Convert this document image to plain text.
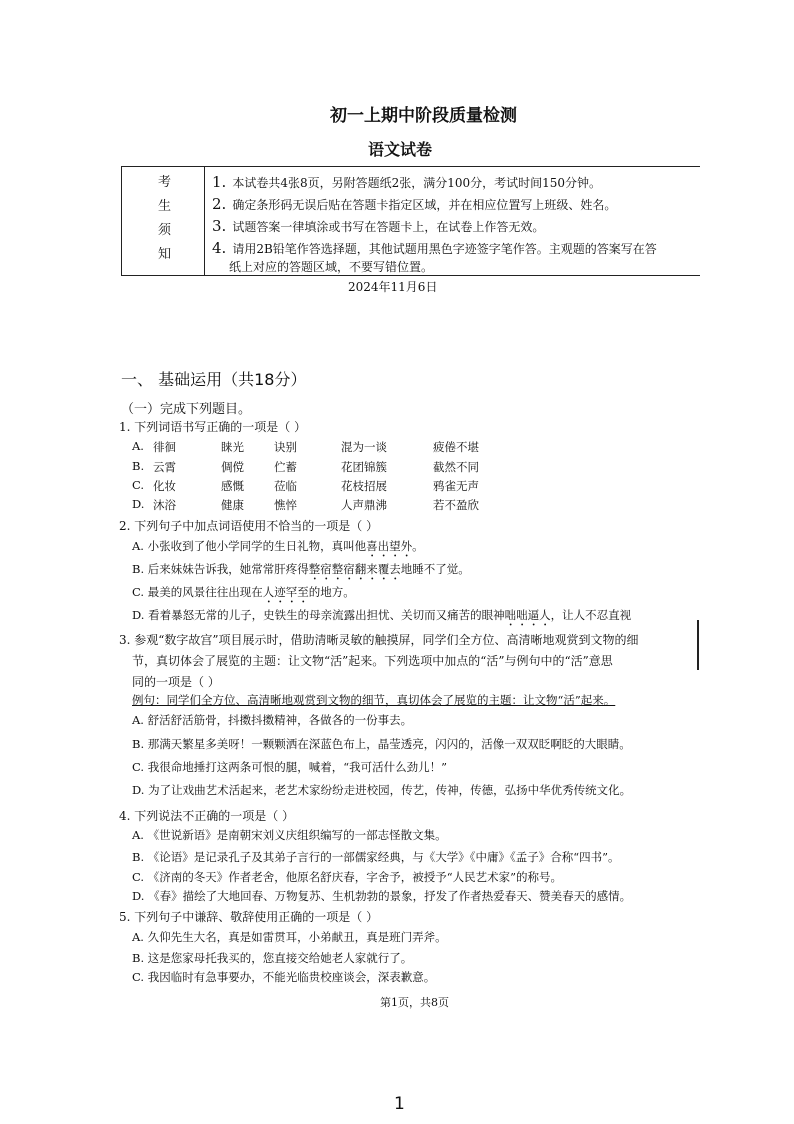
初一上期中阶段质量检测
语文试卷
考
生
须
知
1. 本试卷共4张8页，另附答题纸2张，满分100分，考试时间150分钟。
2. 确定条形码无误后贴在答题卡指定区域，并在相应位置写上班级、姓名。
3. 试题答案一律填涂或书写在答题卡上，在试卷上作答无效。
4. 请用2B铅笔作答选择题，其他试题用黑色字迹签字笔作答。主观题的答案写在答
纸上对应的答题区域，不要写错位置。
2024年11月6日
一、 基础运用（共18分）
（一）完成下列题目。
1. 下列词语书写正确的一项是（ ）
A. 徘徊	睐光	诀别	混为一谈	疲倦不堪
B. 云霄	倜傥	伫蓄	花团锦簇	截然不同
C. 化妆	感慨	莅临	花枝招展	鸦雀无声
D. 沐浴	健康	憔悴	人声鼎沸	若不盈欣
2. 下列句子中加点词语使用不恰当的一项是（ ）
A. 小张收到了他小学同学的生日礼物，真叫他喜出望外。
B. 后来妹妹告诉我，她常常肝疼得整宿整宿翻来覆去地睡不了觉。
C. 最美的风景往往出现在人迹罕至的地方。
D. 看着暴怒无常的儿子，史铁生的母亲流露出担忧、关切而又痛苦的眼神咄咄逼人，让人不忍直视
3. 参观“数字故宫”项目展示时，借助清晰灵敏的触摸屏，同学们全方位、高清晰地观赏到文物的细
节，真切体会了展览的主题：让文物“活”起来。下列选项中加点的“活”与例句中的“活”意思
同的一项是（ ）
例句：同学们全方位、高清晰地观赏到文物的细节，真切体会了展览的主题：让文物“活”起来。
A. 舒活舒活筋骨，抖擞抖擞精神，各做各的一份事去。
B. 那满天繁星多美呀！一颗颗洒在深蓝色布上，晶莹透亮，闪闪的，活像一双双眨啊眨的大眼睛。
C. 我很命地捶打这两条可恨的腿，喊着，“我可活什么劲儿！”
D. 为了让戏曲艺术活起来，老艺术家纷纷走进校园，传艺，传神，传德，弘扬中华优秀传统文化。
4. 下列说法不正确的一项是（ ）
A. 《世说新语》是南朝宋刘义庆组织编写的一部志怪散文集。
B. 《论语》是记录孔子及其弟子言行的一部儒家经典，与《大学》《中庸》《孟子》合称“四书”。
C. 《济南的冬天》作者老舍，他原名舒庆春，字舍予，被授予“人民艺术家”的称号。
D. 《春》描绘了大地回春、万物复苏、生机勃勃的景象，抒发了作者热爱春天、赞美春天的感情。
5. 下列句子中谦辞、敬辞使用正确的一项是（ ）
A. 久仰先生大名，真是如雷贯耳，小弟献丑，真是班门弄斧。
B. 这是您家母托我买的，您直接交给她老人家就行了。
C. 我因临时有急事要办，不能光临贵校座谈会，深表歉意。
第1页，共8页
1
